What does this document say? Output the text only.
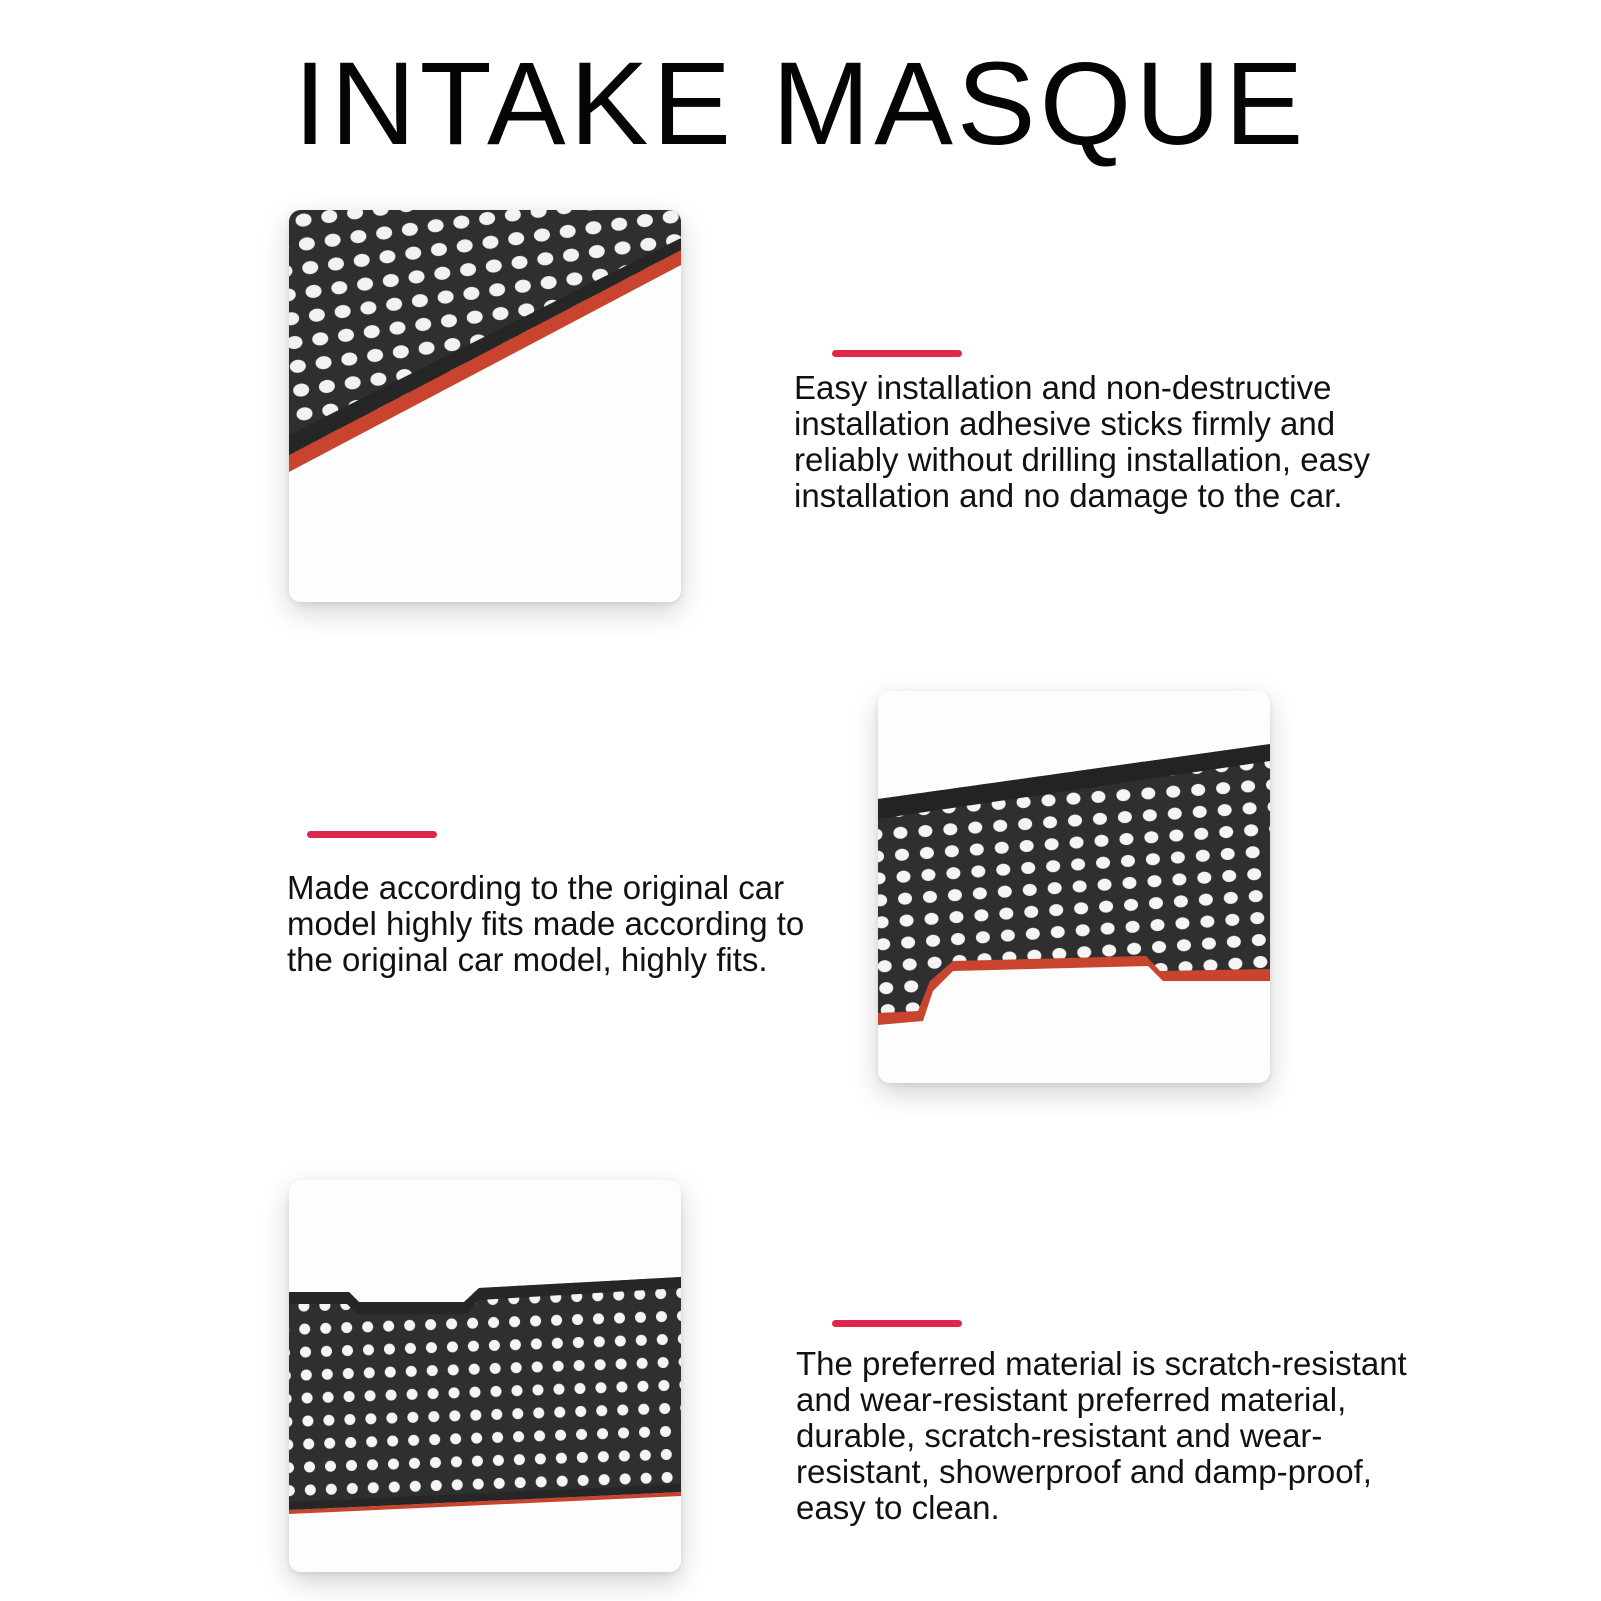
INTAKE MASQUE
Easy installation and non-destructive installation adhesive sticks firmly and reliably without drilling installation, easy installation and no damage to the car.
Made according to the original car model highly fits made according to the original car model, highly fits.
The preferred material is scratch-resistant and wear-resistant preferred material, durable, scratch-resistant and wear-resistant, showerproof and damp-proof, easy to clean.
